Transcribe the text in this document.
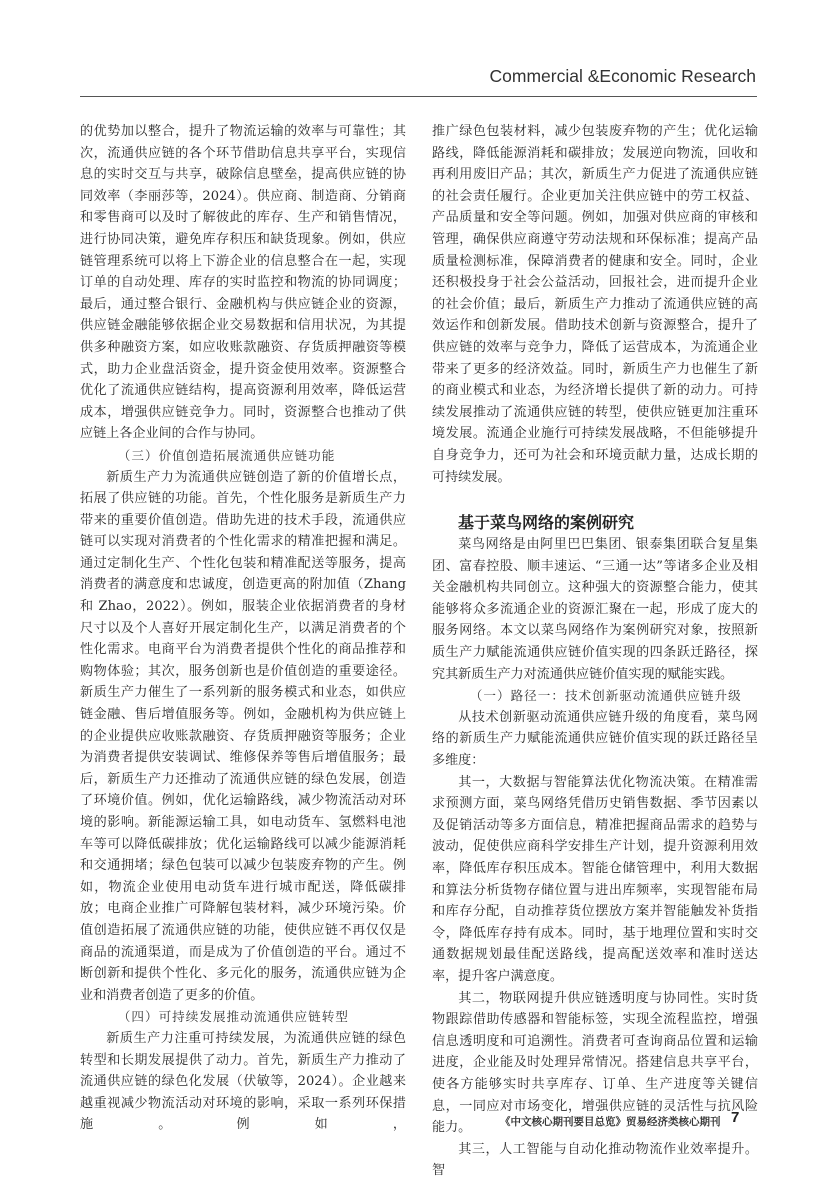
Commercial &Economic Research

的优势加以整合，提升了物流运输的效率与可靠性；其次，流通供应链的各个环节借助信息共享平台，实现信息的实时交互与共享，破除信息壁垒，提高供应链的协同效率（李丽莎等，2024）。供应商、制造商、分销商和零售商可以及时了解彼此的库存、生产和销售情况，进行协同决策，避免库存积压和缺货现象。例如，供应链管理系统可以将上下游企业的信息整合在一起，实现订单的自动处理、库存的实时监控和物流的协同调度；最后，通过整合银行、金融机构与供应链企业的资源，供应链金融能够依据企业交易数据和信用状况，为其提供多种融资方案，如应收账款融资、存货质押融资等模式，助力企业盘活资金，提升资金使用效率。资源整合优化了流通供应链结构，提高资源利用效率，降低运营成本，增强供应链竞争力。同时，资源整合也推动了供应链上各企业间的合作与协同。

（三）价值创造拓展流通供应链功能

新质生产力为流通供应链创造了新的价值增长点，拓展了供应链的功能。首先，个性化服务是新质生产力带来的重要价值创造。借助先进的技术手段，流通供应链可以实现对消费者的个性化需求的精准把握和满足。通过定制化生产、个性化包装和精准配送等服务，提高消费者的满意度和忠诚度，创造更高的附加值（Zhang 和 Zhao，2022）。例如，服装企业依据消费者的身材尺寸以及个人喜好开展定制化生产，以满足消费者的个性化需求。电商平台为消费者提供个性化的商品推荐和购物体验；其次，服务创新也是价值创造的重要途径。新质生产力催生了一系列新的服务模式和业态，如供应链金融、售后增值服务等。例如，金融机构为供应链上的企业提供应收账款融资、存货质押融资等服务；企业为消费者提供安装调试、维修保养等售后增值服务；最后，新质生产力还推动了流通供应链的绿色发展，创造了环境价值。例如，优化运输路线，减少物流活动对环境的影响。新能源运输工具，如电动货车、氢燃料电池车等可以降低碳排放；优化运输路线可以减少能源消耗和交通拥堵；绿色包装可以减少包装废弃物的产生。例如，物流企业使用电动货车进行城市配送，降低碳排放；电商企业推广可降解包装材料，减少环境污染。价值创造拓展了流通供应链的功能，使供应链不再仅仅是商品的流通渠道，而是成为了价值创造的平台。通过不断创新和提供个性化、多元化的服务，流通供应链为企业和消费者创造了更多的价值。

（四）可持续发展推动流通供应链转型

新质生产力注重可持续发展，为流通供应链的绿色转型和长期发展提供了动力。首先，新质生产力推动了流通供应链的绿色化发展（伏敏等，2024）。企业越来越重视减少物流活动对环境的影响，采取一系列环保措施。例如，

推广绿色包装材料，减少包装废弃物的产生；优化运输路线，降低能源消耗和碳排放；发展逆向物流，回收和再利用废旧产品；其次，新质生产力促进了流通供应链的社会责任履行。企业更加关注供应链中的劳工权益、产品质量和安全等问题。例如，加强对供应商的审核和管理，确保供应商遵守劳动法规和环保标准；提高产品质量检测标准，保障消费者的健康和安全。同时，企业还积极投身于社会公益活动，回报社会，进而提升企业的社会价值；最后，新质生产力推动了流通供应链的高效运作和创新发展。借助技术创新与资源整合，提升了供应链的效率与竞争力，降低了运营成本，为流通企业带来了更多的经济效益。同时，新质生产力也催生了新的商业模式和业态，为经济增长提供了新的动力。可持续发展推动了流通供应链的转型，使供应链更加注重环境发展。流通企业施行可持续发展战略，不但能够提升自身竞争力，还可为社会和环境贡献力量，达成长期的可持续发展。

基于菜鸟网络的案例研究

菜鸟网络是由阿里巴巴集团、银泰集团联合复星集团、富春控股、顺丰速运、“三通一达”等诸多企业及相关金融机构共同创立。这种强大的资源整合能力，使其能够将众多流通企业的资源汇聚在一起，形成了庞大的服务网络。本文以菜鸟网络作为案例研究对象，按照新质生产力赋能流通供应链价值实现的四条跃迁路径，探究其新质生产力对流通供应链价值实现的赋能实践。

（一）路径一：技术创新驱动流通供应链升级

从技术创新驱动流通供应链升级的角度看，菜鸟网络的新质生产力赋能流通供应链价值实现的跃迁路径呈多维度：

其一，大数据与智能算法优化物流决策。在精准需求预测方面，菜鸟网络凭借历史销售数据、季节因素以及促销活动等多方面信息，精准把握商品需求的趋势与波动，促使供应商科学安排生产计划，提升资源利用效率，降低库存积压成本。智能仓储管理中，利用大数据和算法分析货物存储位置与进出库频率，实现智能布局和库存分配，自动推荐货位摆放方案并智能触发补货指令，降低库存持有成本。同时，基于地理位置和实时交通数据规划最佳配送路线，提高配送效率和准时送达率，提升客户满意度。

其二，物联网提升供应链透明度与协同性。实时货物跟踪借助传感器和智能标签，实现全流程监控，增强信息透明度和可追溯性。消费者可查询商品位置和运输进度，企业能及时处理异常情况。搭建信息共享平台，使各方能够实时共享库存、订单、生产进度等关键信息，一同应对市场变化，增强供应链的灵活性与抗风险能力。

其三，人工智能与自动化推动物流作业效率提升。智

《中文核心期刊要目总览》贸易经济类核心期刊 7
